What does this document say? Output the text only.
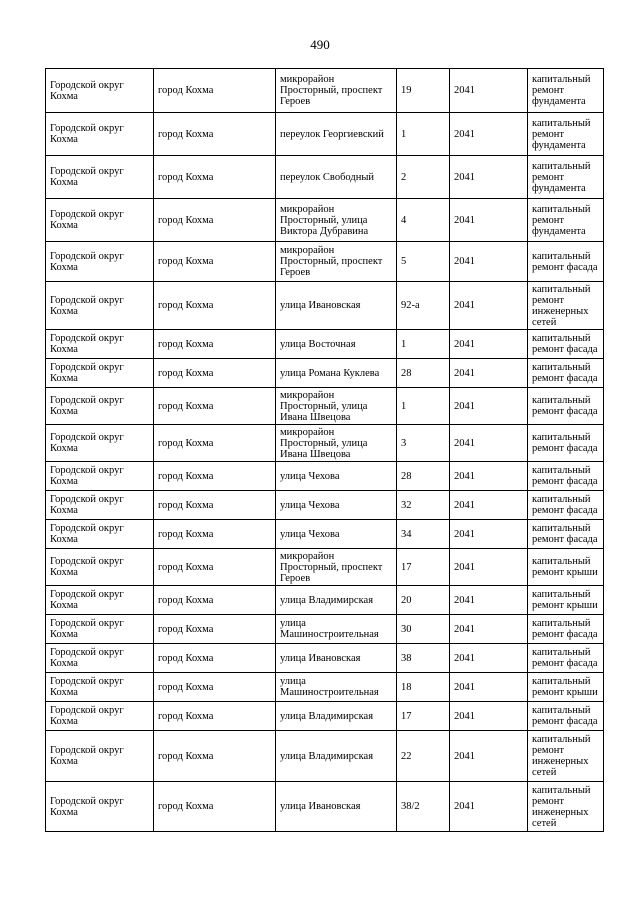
490
Городской округ Кохма	город Кохма	микрорайон Просторный, проспект Героев	19	2041	капитальный ремонт фундамента
Городской округ Кохма	город Кохма	переулок Георгиевский	1	2041	капитальный ремонт фундамента
Городской округ Кохма	город Кохма	переулок Свободный	2	2041	капитальный ремонт фундамента
Городской округ Кохма	город Кохма	микрорайон Просторный, улица Виктора Дубравина	4	2041	капитальный ремонт фундамента
Городской округ Кохма	город Кохма	микрорайон Просторный, проспект Героев	5	2041	капитальный ремонт фасада
Городской округ Кохма	город Кохма	улица Ивановская	92-а	2041	капитальный ремонт инженерных сетей
Городской округ Кохма	город Кохма	улица Восточная	1	2041	капитальный ремонт фасада
Городской округ Кохма	город Кохма	улица Романа Куклева	28	2041	капитальный ремонт фасада
Городской округ Кохма	город Кохма	микрорайон Просторный, улица Ивана Швецова	1	2041	капитальный ремонт фасада
Городской округ Кохма	город Кохма	микрорайон Просторный, улица Ивана Швецова	3	2041	капитальный ремонт фасада
Городской округ Кохма	город Кохма	улица Чехова	28	2041	капитальный ремонт фасада
Городской округ Кохма	город Кохма	улица Чехова	32	2041	капитальный ремонт фасада
Городской округ Кохма	город Кохма	улица Чехова	34	2041	капитальный ремонт фасада
Городской округ Кохма	город Кохма	микрорайон Просторный, проспект Героев	17	2041	капитальный ремонт крыши
Городской округ Кохма	город Кохма	улица Владимирская	20	2041	капитальный ремонт крыши
Городской округ Кохма	город Кохма	улица Машиностроительная	30	2041	капитальный ремонт фасада
Городской округ Кохма	город Кохма	улица Ивановская	38	2041	капитальный ремонт фасада
Городской округ Кохма	город Кохма	улица Машиностроительная	18	2041	капитальный ремонт крыши
Городской округ Кохма	город Кохма	улица Владимирская	17	2041	капитальный ремонт фасада
Городской округ Кохма	город Кохма	улица Владимирская	22	2041	капитальный ремонт инженерных сетей
Городской округ Кохма	город Кохма	улица Ивановская	38/2	2041	капитальный ремонт инженерных сетей
